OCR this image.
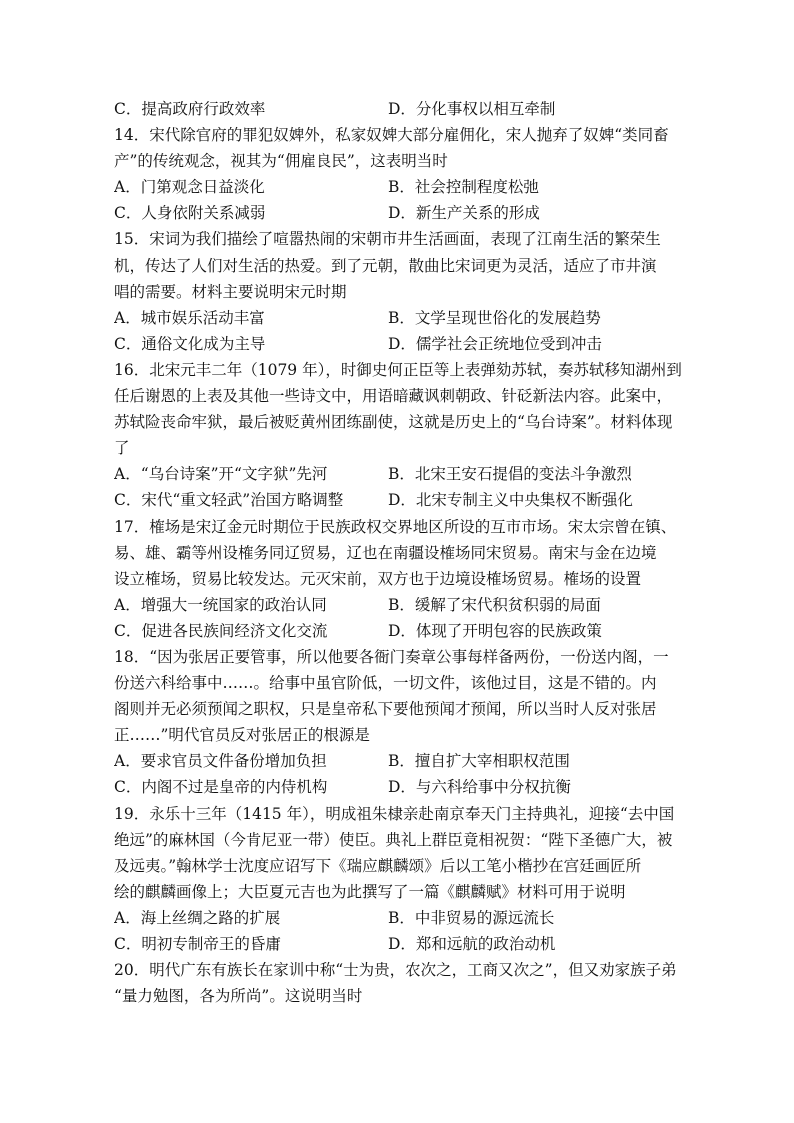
C．提高政府行政效率	D．分化事权以相互牵制
14．宋代除官府的罪犯奴婢外，私家奴婢大部分雇佣化，宋人抛弃了奴婢“类同畜
产”的传统观念，视其为“佣雇良民”，这表明当时
A．门第观念日益淡化	B．社会控制程度松弛
C．人身依附关系减弱	D．新生产关系的形成
15．宋词为我们描绘了喧嚣热闹的宋朝市井生活画面，表现了江南生活的繁荣生
机，传达了人们对生活的热爱。到了元朝，散曲比宋词更为灵活，适应了市井演
唱的需要。材料主要说明宋元时期
A．城市娱乐活动丰富	B．文学呈现世俗化的发展趋势
C．通俗文化成为主导	D．儒学社会正统地位受到冲击
16．北宋元丰二年（1079 年），时御史何正臣等上表弹劾苏轼，奏苏轼移知湖州到
任后谢恩的上表及其他一些诗文中，用语暗藏讽刺朝政、针砭新法内容。此案中，
苏轼险丧命牢狱，最后被贬黄州团练副使，这就是历史上的“乌台诗案”。材料体现
了
A．“乌台诗案”开“文字狱”先河	B．北宋王安石提倡的变法斗争激烈
C．宋代“重文轻武”治国方略调整	D．北宋专制主义中央集权不断强化
17．榷场是宋辽金元时期位于民族政权交界地区所设的互市市场。宋太宗曾在镇、
易、雄、霸等州设榷务同辽贸易，辽也在南疆设榷场同宋贸易。南宋与金在边境
设立榷场，贸易比较发达。元灭宋前，双方也于边境设榷场贸易。榷场的设置
A．增强大一统国家的政治认同	B．缓解了宋代积贫积弱的局面
C．促进各民族间经济文化交流	D．体现了开明包容的民族政策
18．“因为张居正要管事，所以他要各衙门奏章公事每样备两份，一份送内阁，一
份送六科给事中……。给事中虽官阶低，一切文件，该他过目，这是不错的。内
阁则并无必须预闻之职权，只是皇帝私下要他预闻才预闻，所以当时人反对张居
正……”明代官员反对张居正的根源是
A．要求官员文件备份增加负担	B．擅自扩大宰相职权范围
C．内阁不过是皇帝的内侍机构	D．与六科给事中分权抗衡
19．永乐十三年（1415 年），明成祖朱棣亲赴南京奉天门主持典礼，迎接“去中国
绝远”的麻林国（今肯尼亚一带）使臣。典礼上群臣竟相祝贺：“陛下圣德广大，被
及远夷。”翰林学士沈度应诏写下《瑞应麒麟颂》后以工笔小楷抄在宫廷画匠所
绘的麒麟画像上；大臣夏元吉也为此撰写了一篇《麒麟赋》材料可用于说明
A．海上丝绸之路的扩展	B．中非贸易的源远流长
C．明初专制帝王的昏庸	D．郑和远航的政治动机
20．明代广东有族长在家训中称“士为贵，农次之，工商又次之”，但又劝家族子弟
“量力勉图，各为所尚”。这说明当时
